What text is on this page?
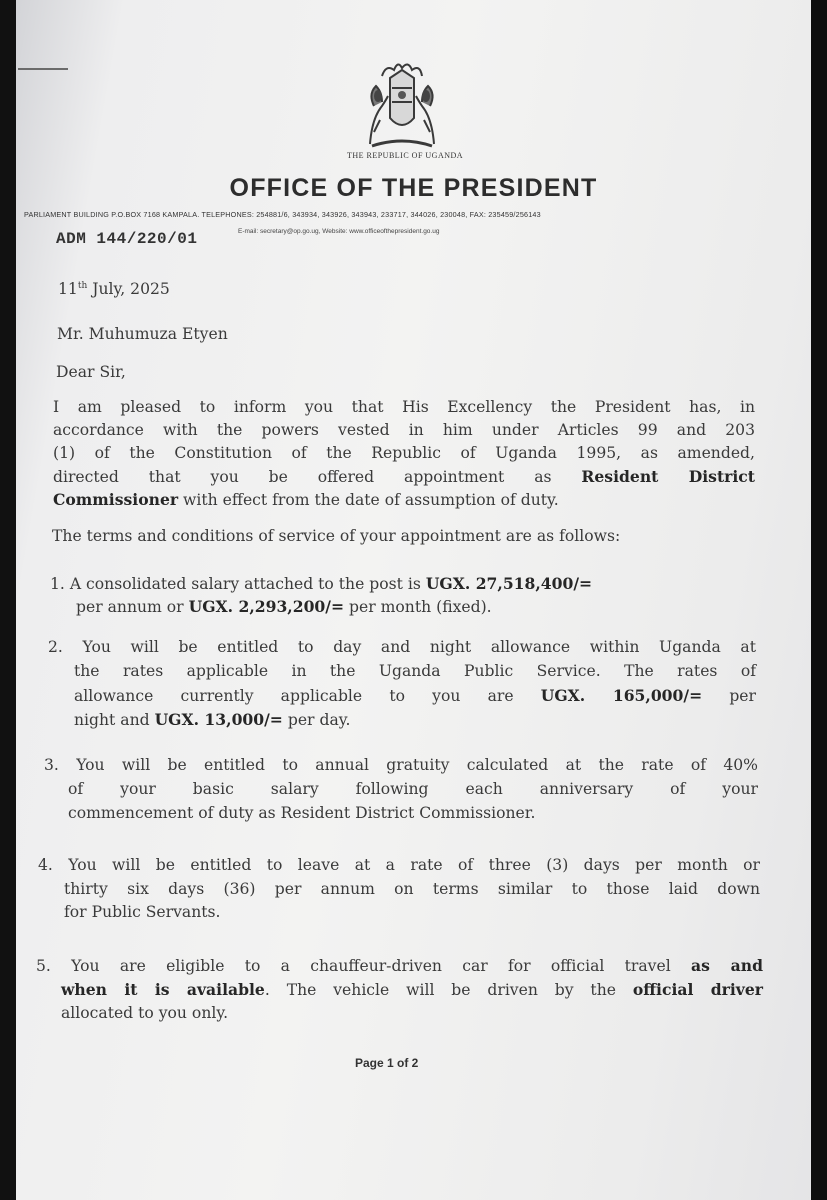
THE REPUBLIC OF UGANDA
OFFICE OF THE PRESIDENT
PARLIAMENT BUILDING P.O.BOX 7168 KAMPALA. TELEPHONES: 254881/6, 343934, 343926, 343943, 233717, 344026, 230048, FAX: 235459/256143
ADM 144/220/01	E-mail: secretary@op.go.ug, Website: www.officeofthepresident.go.ug
11th July, 2025
Mr. Muhumuza Etyen
Dear Sir,
I am pleased to inform you that His Excellency the President has, in
accordance with the powers vested in him under Articles 99 and 203
(1) of the Constitution of the Republic of Uganda 1995, as amended,
directed that you be offered appointment as Resident District
Commissioner with effect from the date of assumption of duty.
The terms and conditions of service of your appointment are as follows:
1. A consolidated salary attached to the post is UGX. 27,518,400/=
per annum or UGX. 2,293,200/= per month (fixed).
2. You will be entitled to day and night allowance within Uganda at
the rates applicable in the Uganda Public Service. The rates of
allowance currently applicable to you are UGX. 165,000/= per
night and UGX. 13,000/= per day.
3. You will be entitled to annual gratuity calculated at the rate of 40%
of your basic salary following each anniversary of your
commencement of duty as Resident District Commissioner.
4. You will be entitled to leave at a rate of three (3) days per month or
thirty six days (36) per annum on terms similar to those laid down
for Public Servants.
5. You are eligible to a chauffeur-driven car for official travel as and
when it is available. The vehicle will be driven by the official driver
allocated to you only.
Page 1 of 2
